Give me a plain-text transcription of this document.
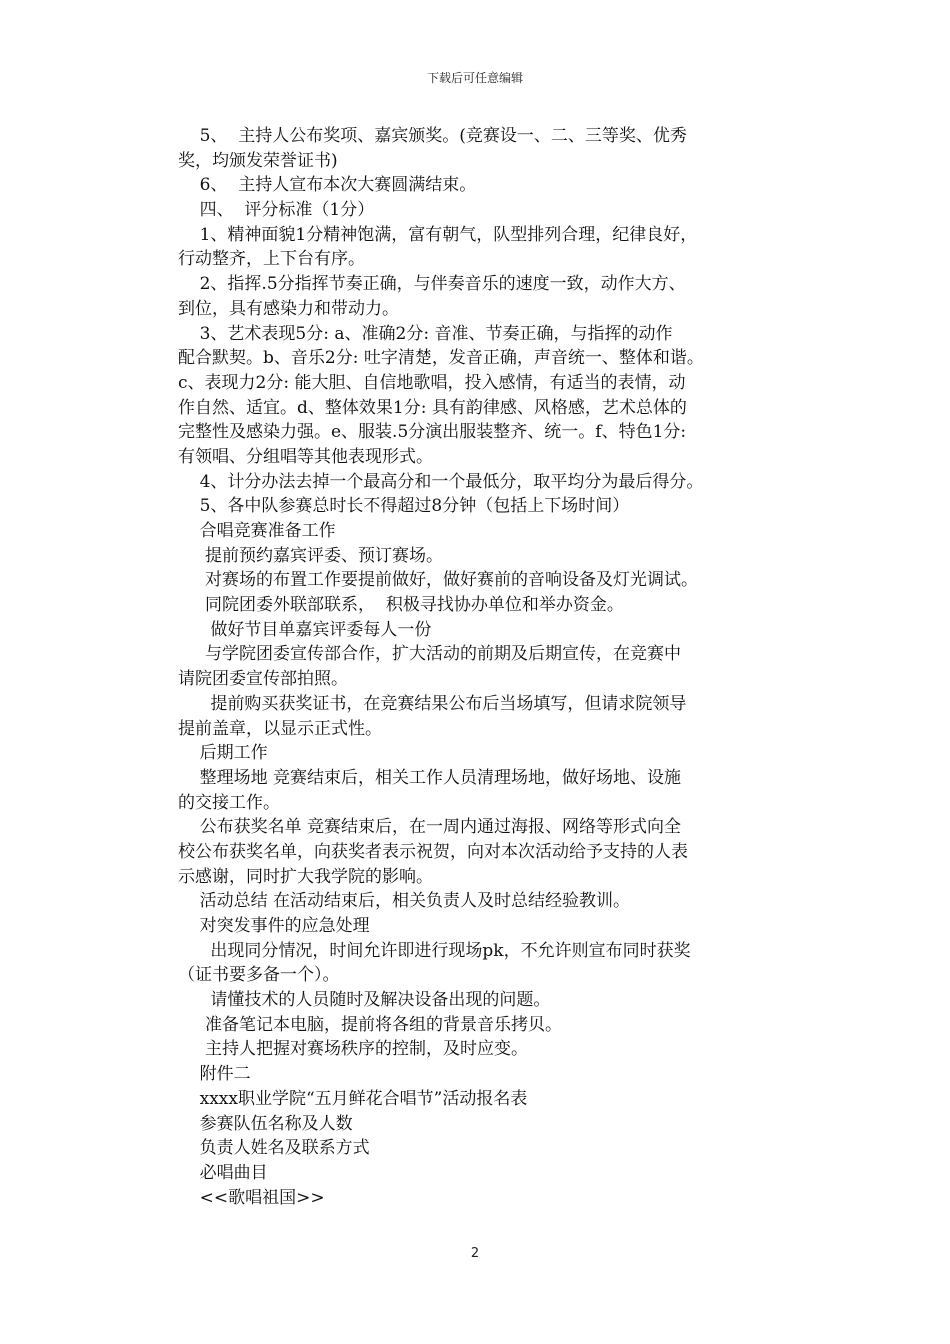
下载后可任意编辑
5、  主持人公布奖项、嘉宾颁奖。(竞赛设一、二、三等奖、优秀
奖，均颁发荣誉证书)
6、  主持人宣布本次大赛圆满结束。
四、  评分标准（1分）
1、精神面貌1分精神饱满，富有朝气，队型排列合理，纪律良好，
行动整齐，上下台有序。
2、指挥.5分指挥节奏正确，与伴奏音乐的速度一致，动作大方、
到位，具有感染力和带动力。
3、艺术表现5分: a、准确2分: 音准、节奏正确，与指挥的动作
配合默契。b、音乐2分: 吐字清楚，发音正确，声音统一、整体和谐。
c、表现力2分: 能大胆、自信地歌唱，投入感情，有适当的表情，动
作自然、适宜。d、整体效果1分: 具有韵律感、风格感，艺术总体的
完整性及感染力强。e、服装.5分演出服装整齐、统一。f、特色1分:
有领唱、分组唱等其他表现形式。
4、计分办法去掉一个最高分和一个最低分，取平均分为最后得分。
5、各中队参赛总时长不得超过8分钟（包括上下场时间）
合唱竞赛准备工作
提前预约嘉宾评委、预订赛场。
对赛场的布置工作要提前做好，做好赛前的音响设备及灯光调试。
同院团委外联部联系，  积极寻找协办单位和举办资金。
做好节目单嘉宾评委每人一份
与学院团委宣传部合作，扩大活动的前期及后期宣传，在竞赛中
请院团委宣传部拍照。
提前购买获奖证书，在竞赛结果公布后当场填写，但请求院领导
提前盖章，以显示正式性。
后期工作
整理场地 竞赛结束后，相关工作人员清理场地，做好场地、设施
的交接工作。
公布获奖名单 竞赛结束后，在一周内通过海报、网络等形式向全
校公布获奖名单，向获奖者表示祝贺，向对本次活动给予支持的人表
示感谢，同时扩大我学院的影响。
活动总结 在活动结束后，相关负责人及时总结经验教训。
对突发事件的应急处理
出现同分情况，时间允许即进行现场pk，不允许则宣布同时获奖
（证书要多备一个）。
请懂技术的人员随时及解决设备出现的问题。
准备笔记本电脑，提前将各组的背景音乐拷贝。
主持人把握对赛场秩序的控制，及时应变。
附件二
xxxx职业学院“五月鲜花合唱节”活动报名表
参赛队伍名称及人数
负责人姓名及联系方式
必唱曲目
<<歌唱祖国>>
2
